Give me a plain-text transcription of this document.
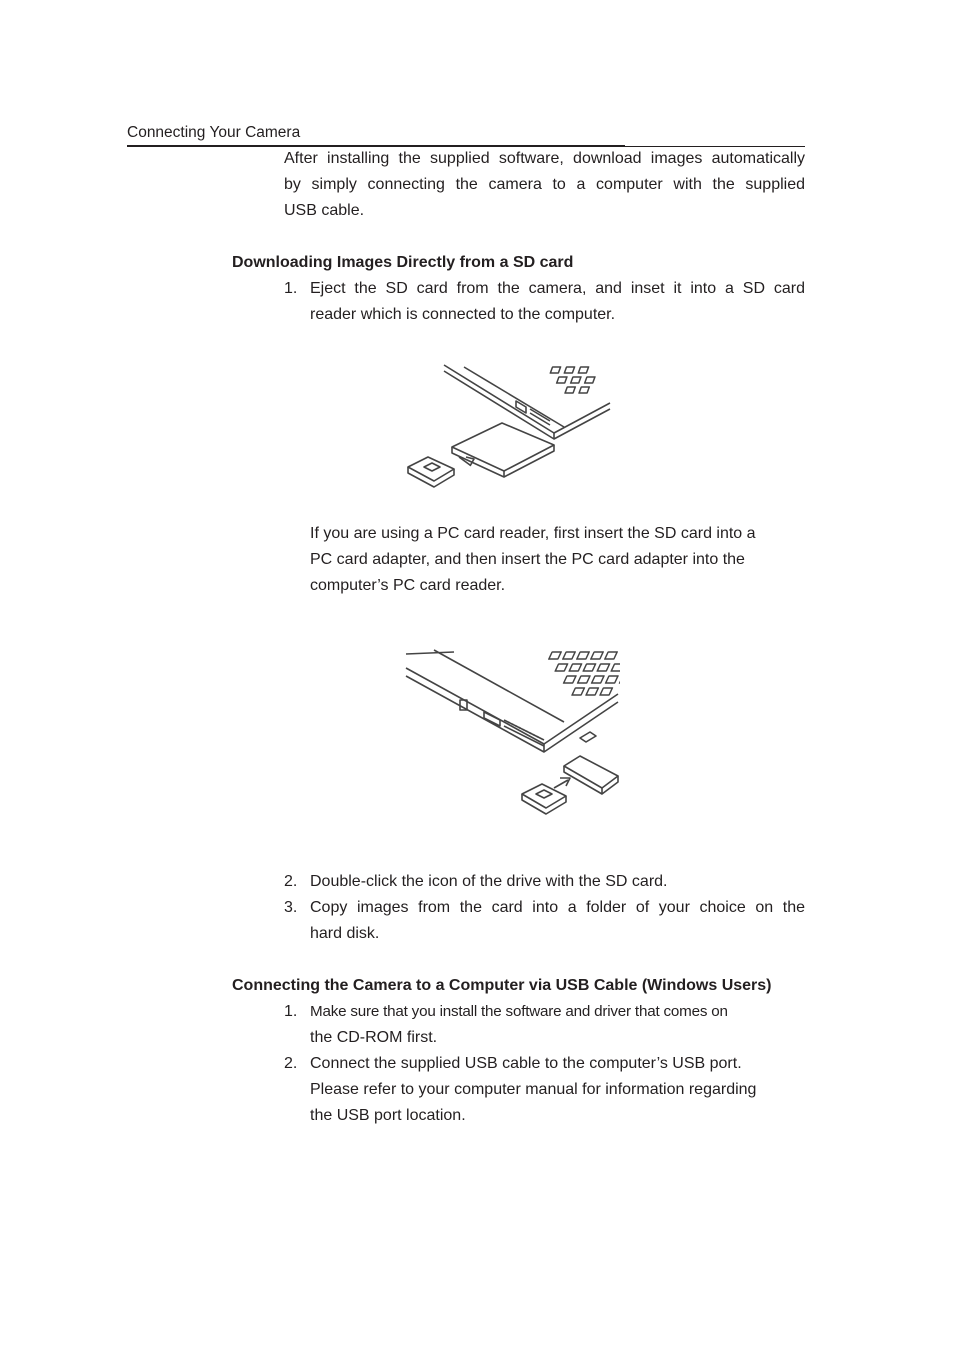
Connecting Your Camera
After installing the supplied software, download images automatically
by simply connecting the camera to a computer with the supplied
USB cable.
Downloading Images Directly from a SD card
1. Eject the SD card from the camera, and inset it into a SD card
reader which is connected to the computer.
If you are using a PC card reader, first insert the SD card into a
PC card adapter, and then insert the PC card adapter into the
computer’s PC card reader.
2. Double-click the icon of the drive with the SD card.
3. Copy images from the card into a folder of your choice on the
hard disk.
Connecting the Camera to a Computer via USB Cable (Windows Users)
1. Make sure that you install the software and driver that comes on
the CD-ROM first.
2. Connect the supplied USB cable to the computer’s USB port.
Please refer to your computer manual for information regarding
the USB port location.
